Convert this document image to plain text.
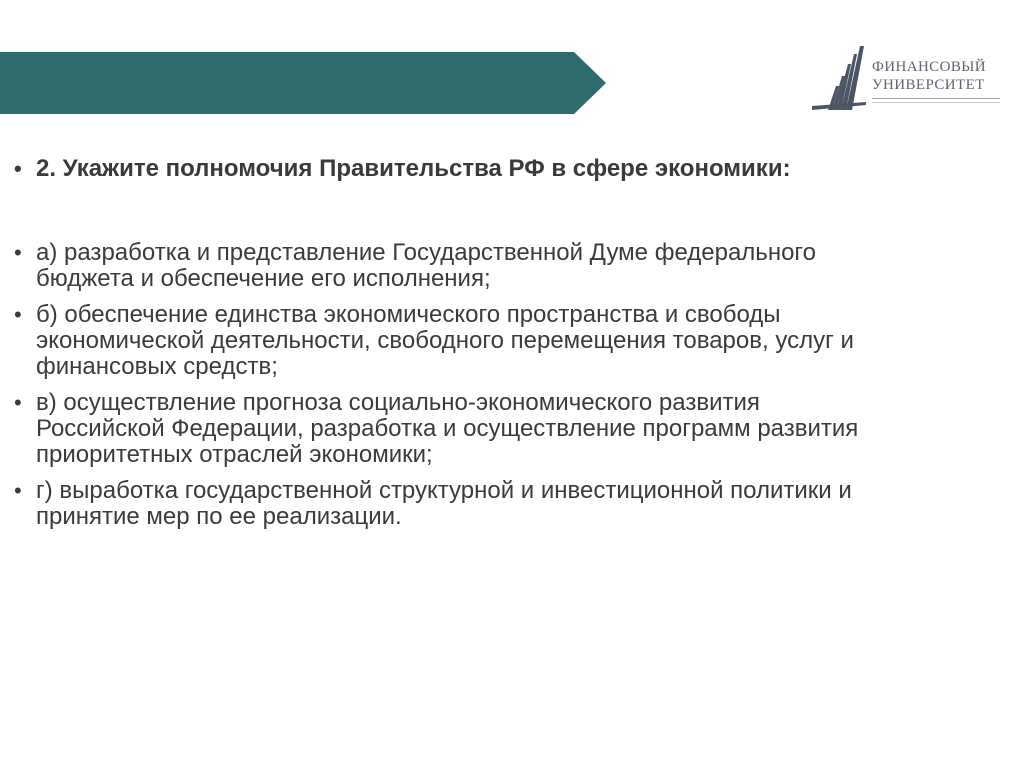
ФИНАНСОВЫЙ
УНИВЕРСИТЕТ
• 2. Укажите полномочия Правительства РФ в сфере экономики:
• а) разработка и представление Государственной Думе федерального бюджета и обеспечение его исполнения;
• б) обеспечение единства экономического пространства и свободы экономической деятельности, свободного перемещения товаров, услуг и финансовых средств;
• в) осуществление прогноза социально-экономического развития Российской Федерации, разработка и осуществление программ развития приоритетных отраслей экономики;
• г) выработка государственной структурной и инвестиционной политики и принятие мер по ее реализации.
